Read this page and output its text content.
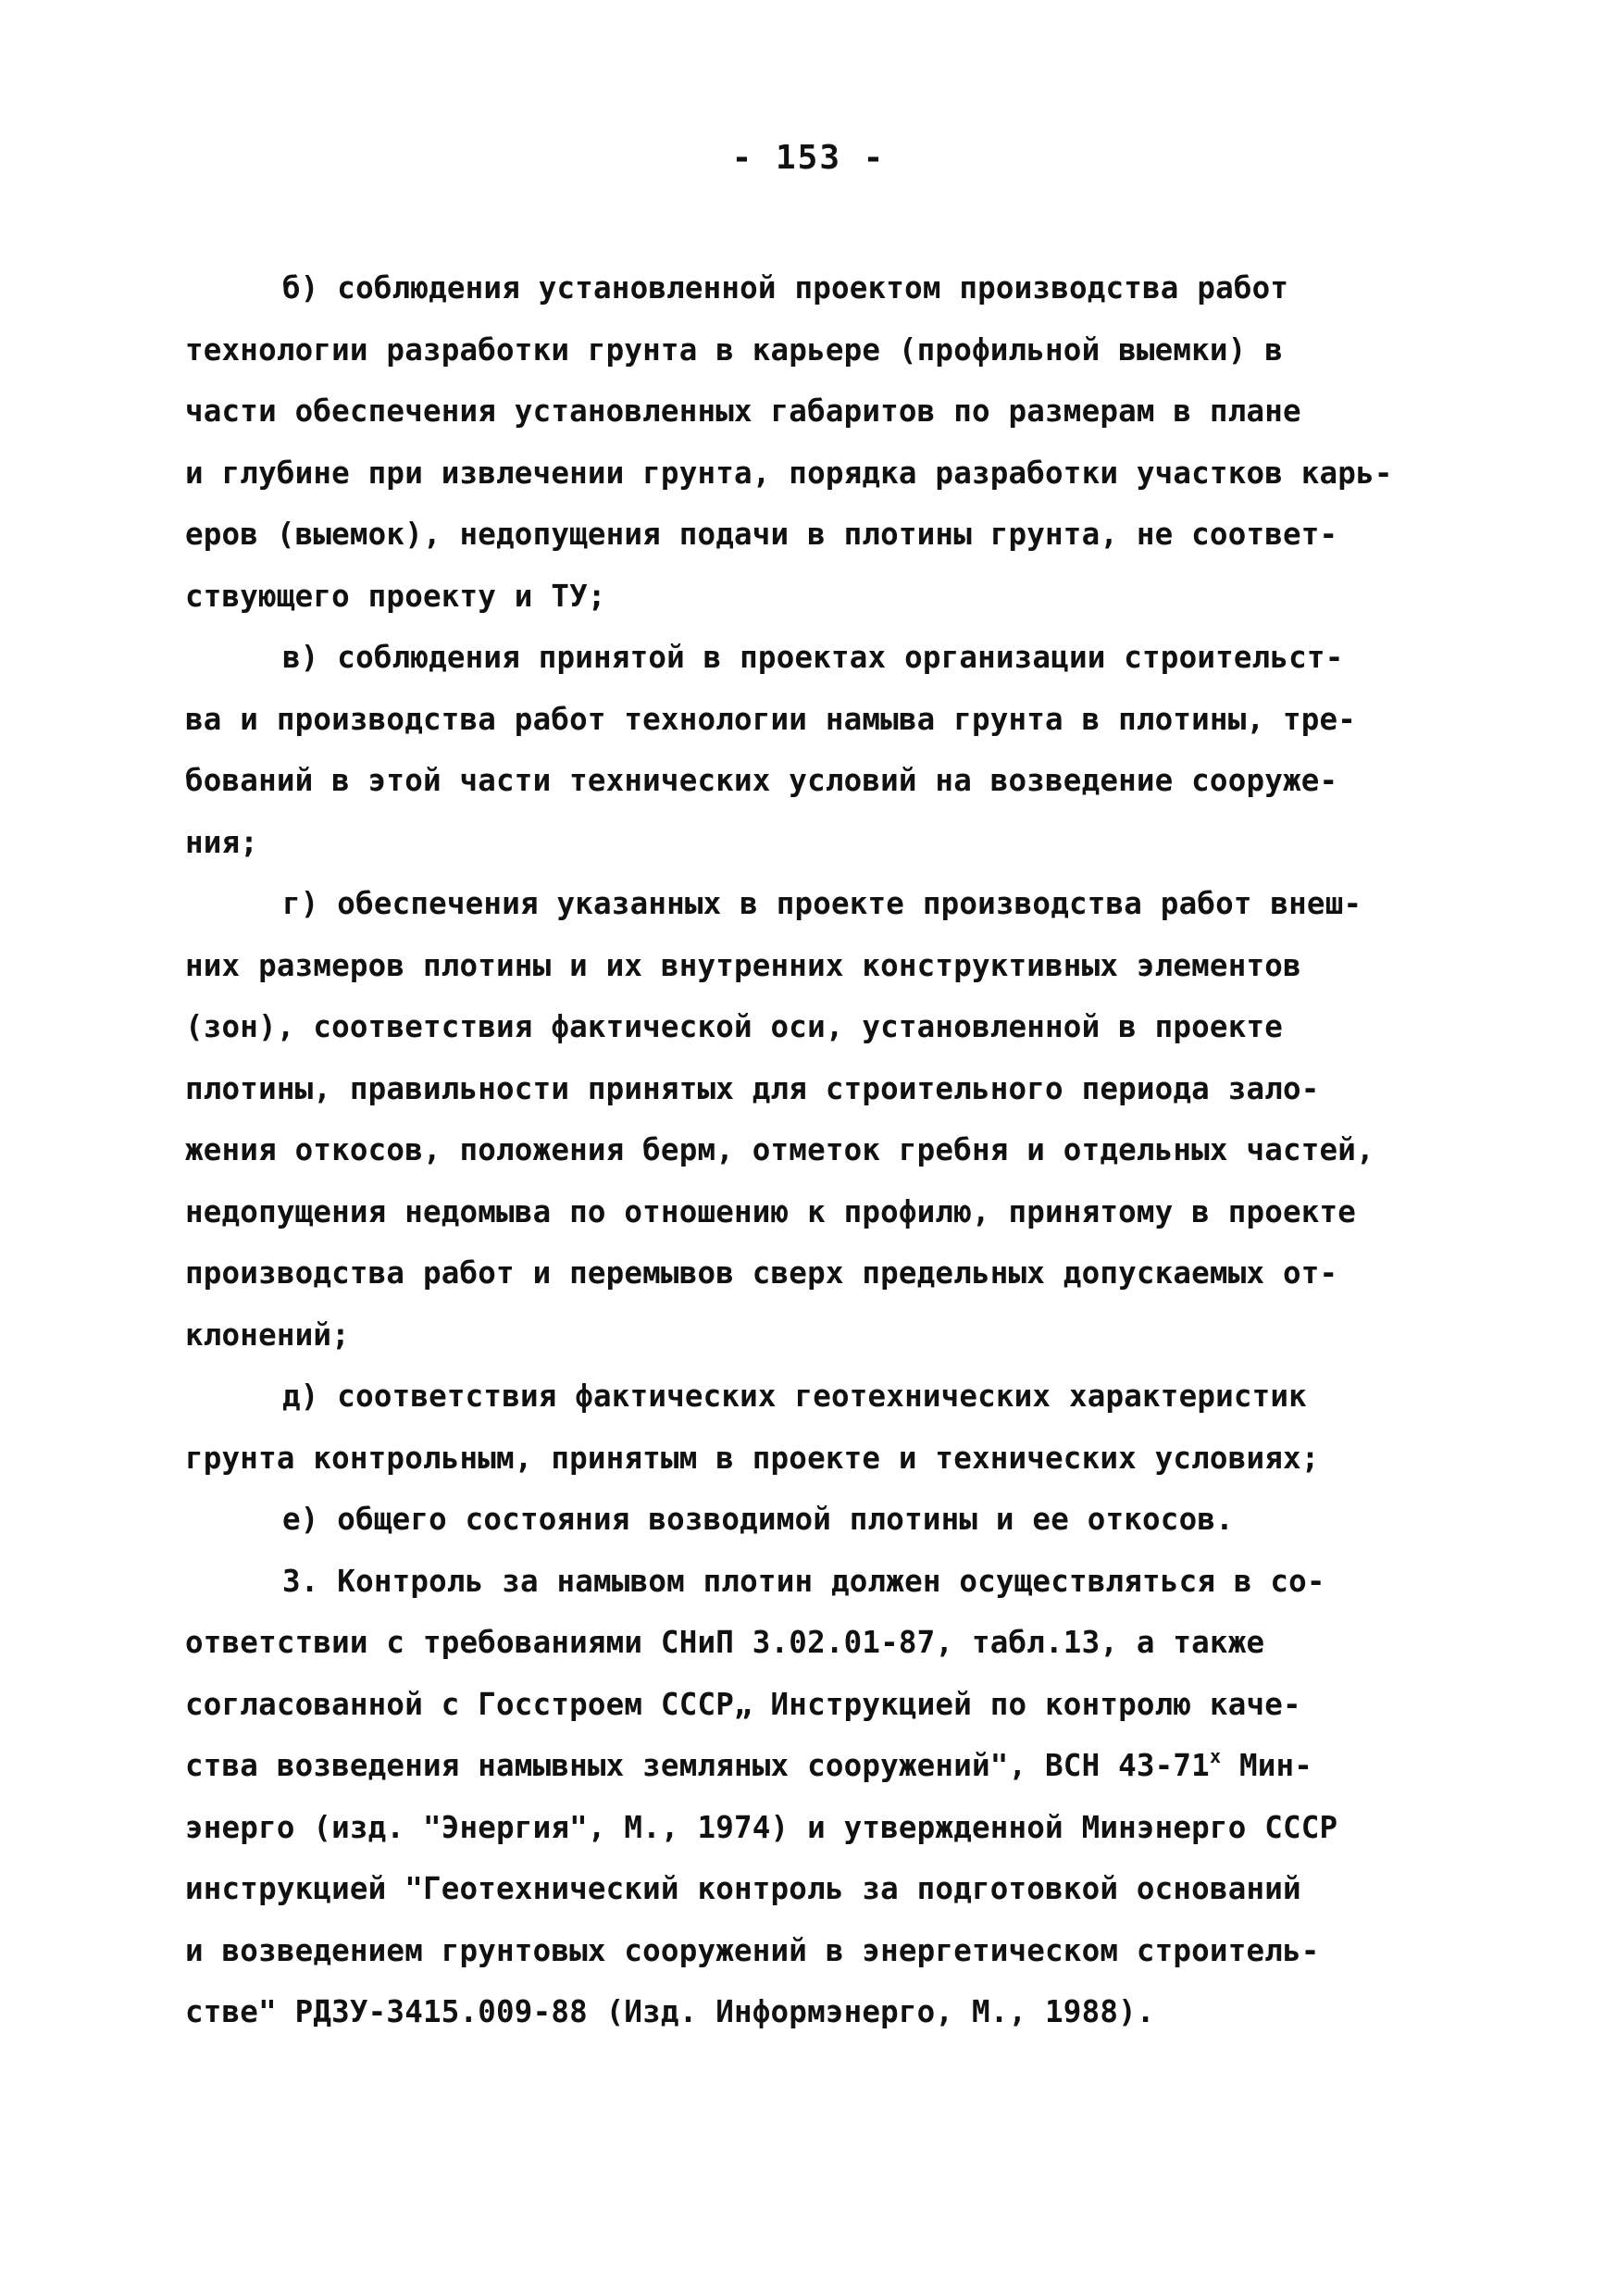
- 153 -
б) соблюдения установленной проектом производства работ
технологии разработки грунта в карьере (профильной выемки) в
части обеспечения установленных габаритов по размерам в плане
и глубине при извлечении грунта, порядка разработки участков карь-
еров (выемок), недопущения подачи в плотины грунта, не соответ-
ствующего проекту и ТУ;
в) соблюдения принятой в проектах организации строительст-
ва и производства работ технологии намыва грунта в плотины, тре-
бований в этой части технических условий на возведение сооруже-
ния;
г) обеспечения указанных в проекте производства работ внеш-
них размеров плотины и их внутренних конструктивных элементов
(зон), соответствия фактической оси, установленной в проекте
плотины, правильности принятых для строительного периода зало-
жения откосов, положения берм, отметок гребня и отдельных частей,
недопущения недомыва по отношению к профилю, принятому в проекте
производства работ и перемывов сверх предельных допускаемых от-
клонений;
д) соответствия фактических геотехнических характеристик
грунта контрольным, принятым в проекте и технических условиях;
е) общего состояния возводимой плотины и ее откосов.
3. Контроль за намывом плотин должен осуществляться в со-
ответствии с требованиями СНиП 3.02.01-87, табл.13, а также
согласованной с Госстроем СССР„ Инструкцией по контролю каче-
ства возведения намывных земляных сооружений", ВСН 43-71$^x$ Мин-
энерго (изд. "Энергия", М., 1974) и утвержденной Минэнерго СССР
инструкцией "Геотехнический контроль за подготовкой оснований
и возведением грунтовых сооружений в энергетическом строитель-
стве" РДЗУ-3415.009-88 (Изд. Информэнерго, М., 1988).
